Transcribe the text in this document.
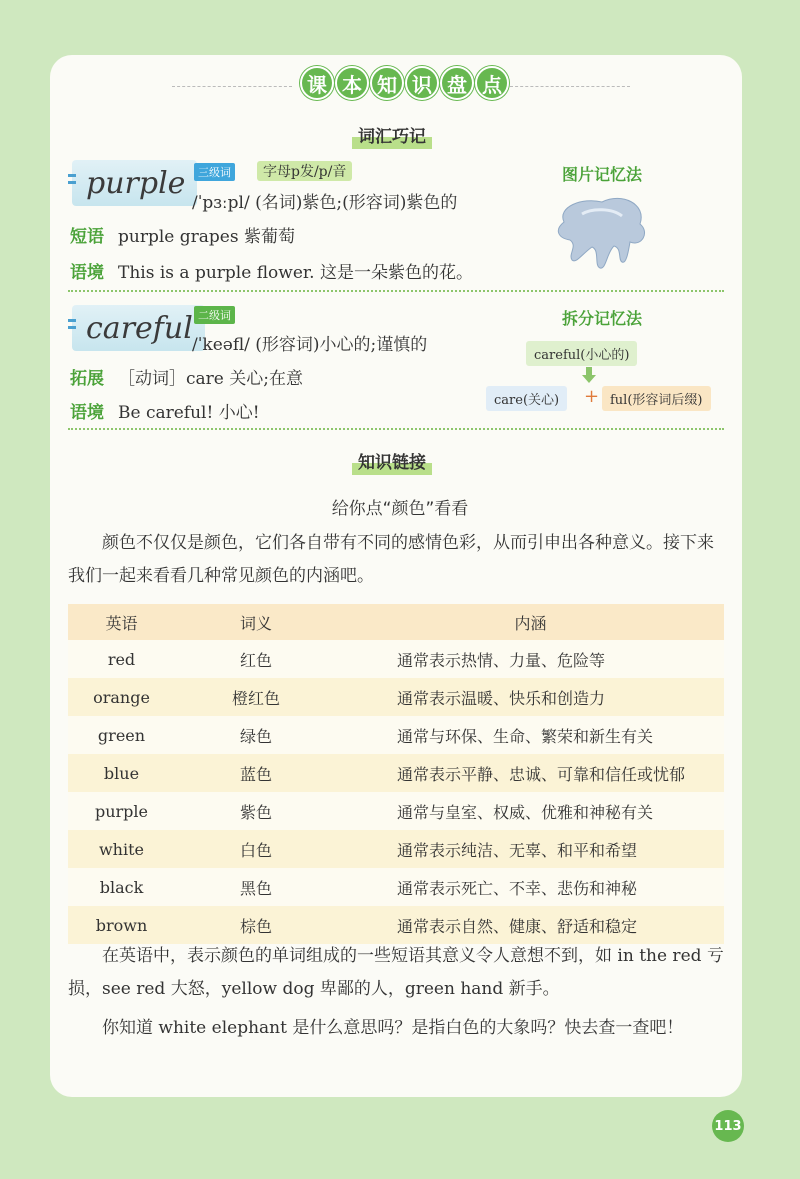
课 本 知 识 盘 点
词汇巧记
purple	三级词	字母p发/p/音
/ˈpɜːpl/ (名词)紫色;(形容词)紫色的
短语 purple grapes 紫葡萄
语境 This is a purple flower. 这是一朵紫色的花。
图片记忆法
careful 二级词
/ˈkeəfl/ (形容词)小心的;谨慎的
拓展 ［动词］care 关心;在意
语境 Be careful! 小心!
拆分记忆法
careful(小心的)
care(关心)	+ ful(形容词后缀)
知识链接
给你点“颜色”看看
颜色不仅仅是颜色，它们各自带有不同的感情色彩，从而引申出各种意义。接下来我们一起来看看几种常见颜色的内涵吧。
英语	词义	内涵
red	红色	通常表示热情、力量、危险等
orange	橙红色	通常表示温暖、快乐和创造力
green	绿色	通常与环保、生命、繁荣和新生有关
blue	蓝色	通常表示平静、忠诚、可靠和信任或忧郁
purple	紫色	通常与皇室、权威、优雅和神秘有关
white	白色	通常表示纯洁、无辜、和平和希望
black	黑色	通常表示死亡、不幸、悲伤和神秘
brown	棕色	通常表示自然、健康、舒适和稳定
在英语中，表示颜色的单词组成的一些短语其意义令人意想不到，如 in the red 亏损，see red 大怒，yellow dog 卑鄙的人，green hand 新手。
你知道 white elephant 是什么意思吗？是指白色的大象吗？快去查一查吧！
113
